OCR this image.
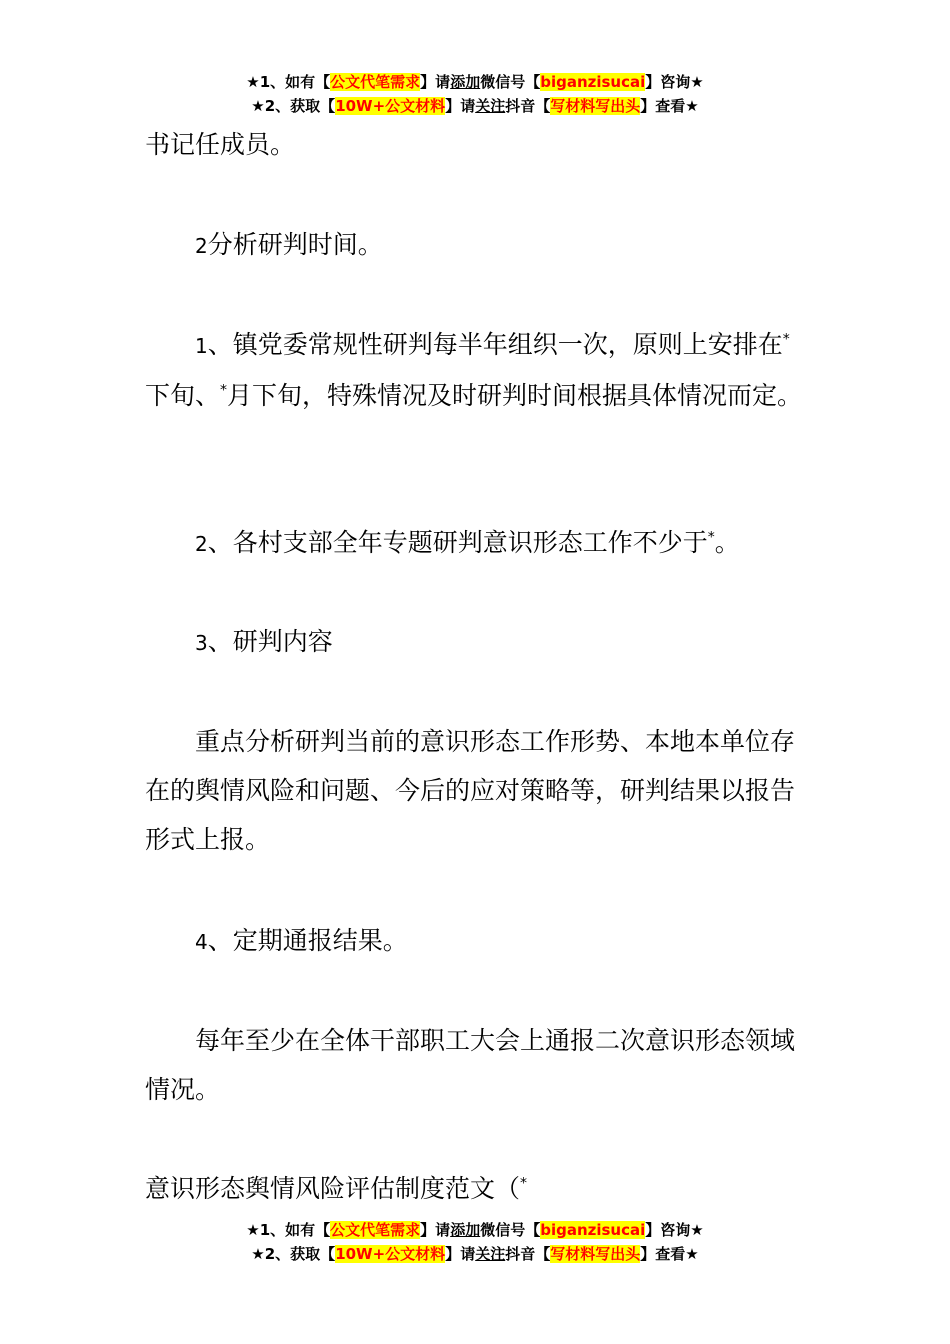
★1、如有【公文代笔需求】请添加微信号【biganzisucai】咨询★
★2、获取【10W+公文材料】请关注抖音【写材料写出头】查看★

书记任成员。

2分析研判时间。

1、镇党委常规性研判每半年组织一次，原则上安排在*下旬、*月下旬，特殊情况及时研判时间根据具体情况而定。

2、各村支部全年专题研判意识形态工作不少于*。

3、研判内容

重点分析研判当前的意识形态工作形势、本地本单位存在的舆情风险和问题、今后的应对策略等，研判结果以报告形式上报。

4、定期通报结果。

每年至少在全体干部职工大会上通报二次意识形态领域情况。

意识形态舆情风险评估制度范文（*

★1、如有【公文代笔需求】请添加微信号【biganzisucai】咨询★
★2、获取【10W+公文材料】请关注抖音【写材料写出头】查看★
